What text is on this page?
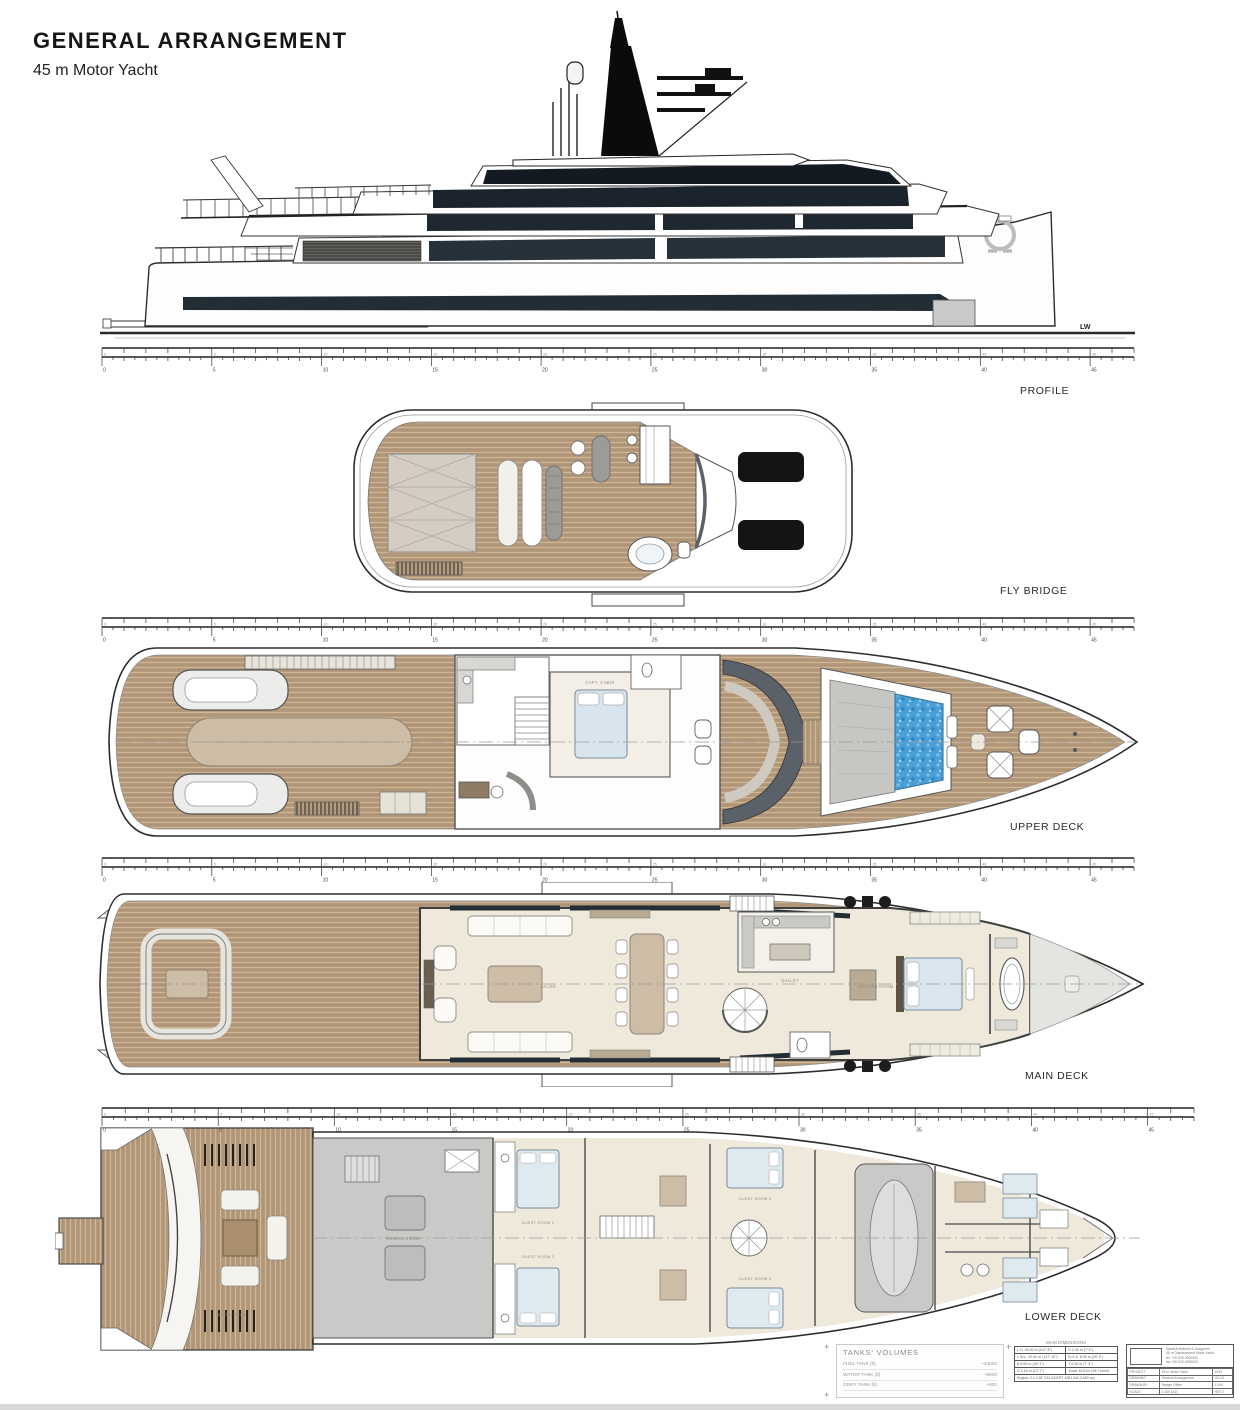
GENERAL ARRANGEMENT
45 m Motor Yacht
LW
CAPT. CABIN
SALON
GALLEY
MASTER ROOM
BEACH CLUB
ENGINE ROOM
GUEST ROOM 1
GUEST ROOM 2
GUEST ROOM 3
GUEST ROOM 4
0
0
5
5
10
10
15
15
20
20
25
25
30
30
35
35
40
40
45
45
0
0
5
5
10
10
15
15
20
20
25
25
30
30
35
35
40
40
45
45
0
0
5
5
10
10
15
15
20
20
25
25
30
30
35
35
40
40
45
45
0
0
5
5
10
10
15
15
20
20
25
25
30
30
35
35
40
40
45
45
PROFILE
FLY BRIDGE
UPPER DECK
MAIN DECK
LOWER DECK
+	+
+
TANKS' VOLUMES
FUEL TANK (lt)	~34000
WATER TANK (lt)	~5000
GREY TANK (lt)	~800
MAIN DIMENSIONS
L.H. 45.00 m (147' 8'')	D 2.30 m (7' 6'')
L.W.L. 42.00 m (137' 10'')	B.O.A. 8.90 m (29' 2'')
B 8.60 m (28' 3'')	T 2.20 m (7' 3'')
D 4.15 m (13' 7'')	Vmax 15.5 kn (28.7 km/h)
Engine: 2 x CAT C32 ACERT 1081 kW (1450 hp)	
Naval Architects & Designers
45 m Displacement Motor Yacht
tel. +00 000 0000000
fax +00 000 0000000
PROJECT	45 m Motor Yacht	2019
DRAWING	General Arrangement	GA-01
DRAWN BY	Design Office	1:100
SCALE	1:100 (A1)	REV 0
